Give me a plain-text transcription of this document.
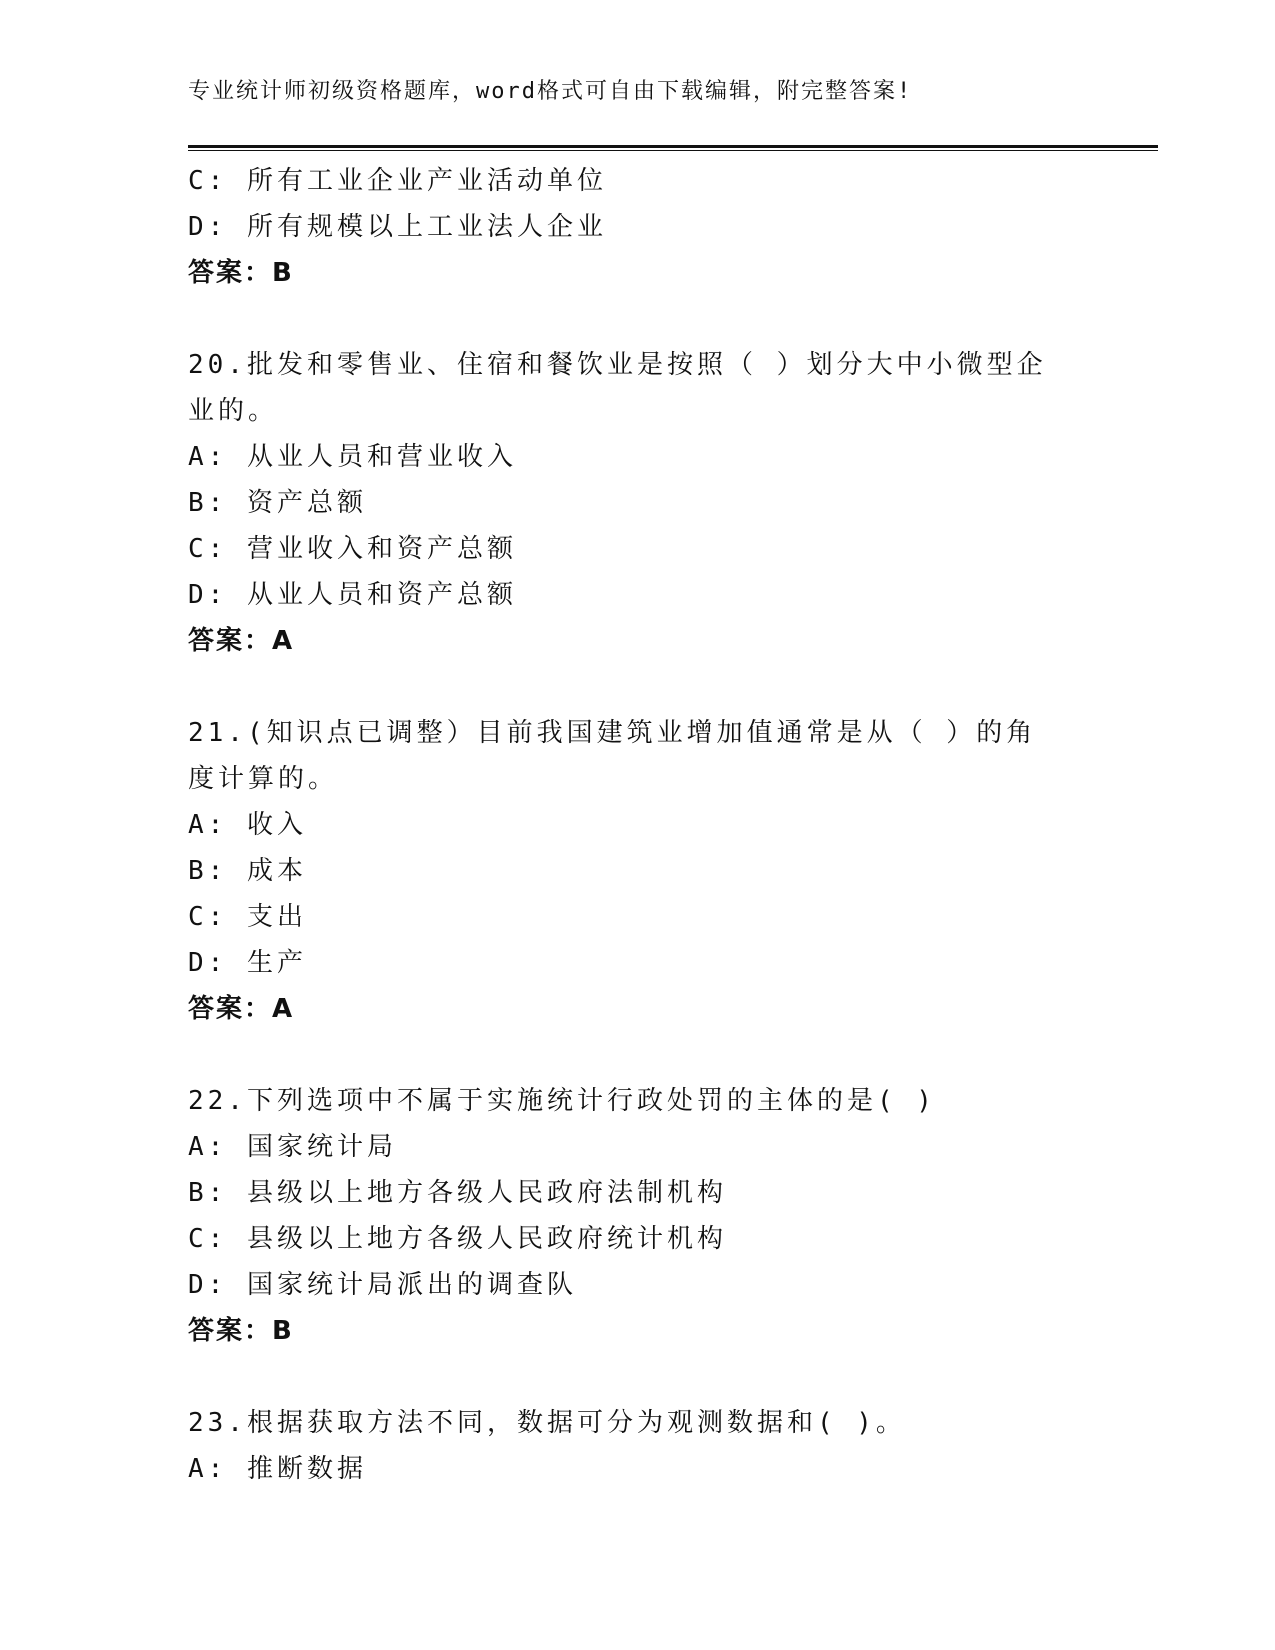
专业统计师初级资格题库，word格式可自由下载编辑，附完整答案!
C: 所有工业企业产业活动单位
D: 所有规模以上工业法人企业
答案：B
20.批发和零售业、住宿和餐饮业是按照（ ）划分大中小微型企
业的。
A: 从业人员和营业收入
B: 资产总额
C: 营业收入和资产总额
D: 从业人员和资产总额
答案：A
21.(知识点已调整）目前我国建筑业增加值通常是从（ ）的角
度计算的。
A: 收入
B: 成本
C: 支出
D: 生产
答案：A
22.下列选项中不属于实施统计行政处罚的主体的是( )
A: 国家统计局
B: 县级以上地方各级人民政府法制机构
C: 县级以上地方各级人民政府统计机构
D: 国家统计局派出的调查队
答案：B
23.根据获取方法不同，数据可分为观测数据和( )。
A: 推断数据
